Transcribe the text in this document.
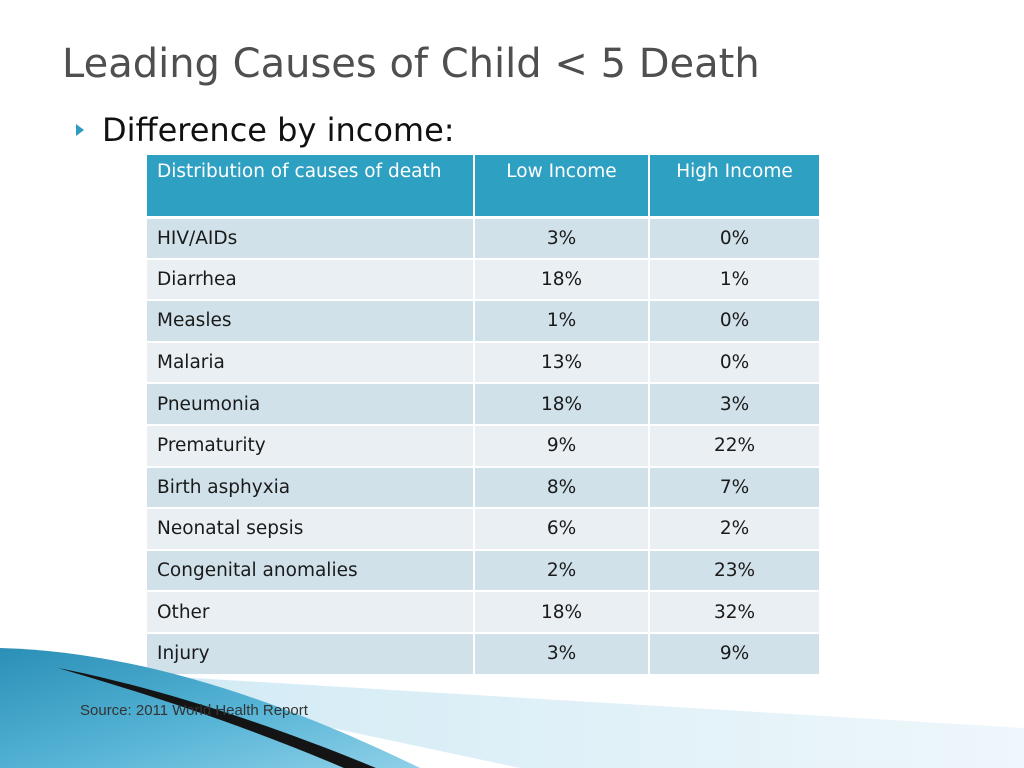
Leading Causes of Child < 5 Death
Difference by income:
Distribution of causes of death	Low Income	High Income
HIV/AIDs	3%	0%
Diarrhea	18%	1%
Measles	1%	0%
Malaria	13%	0%
Pneumonia	18%	3%
Prematurity	9%	22%
Birth asphyxia	8%	7%
Neonatal sepsis	6%	2%
Congenital anomalies	2%	23%
Other	18%	32%
Injury	3%	9%
Source: 2011 World Health Report
